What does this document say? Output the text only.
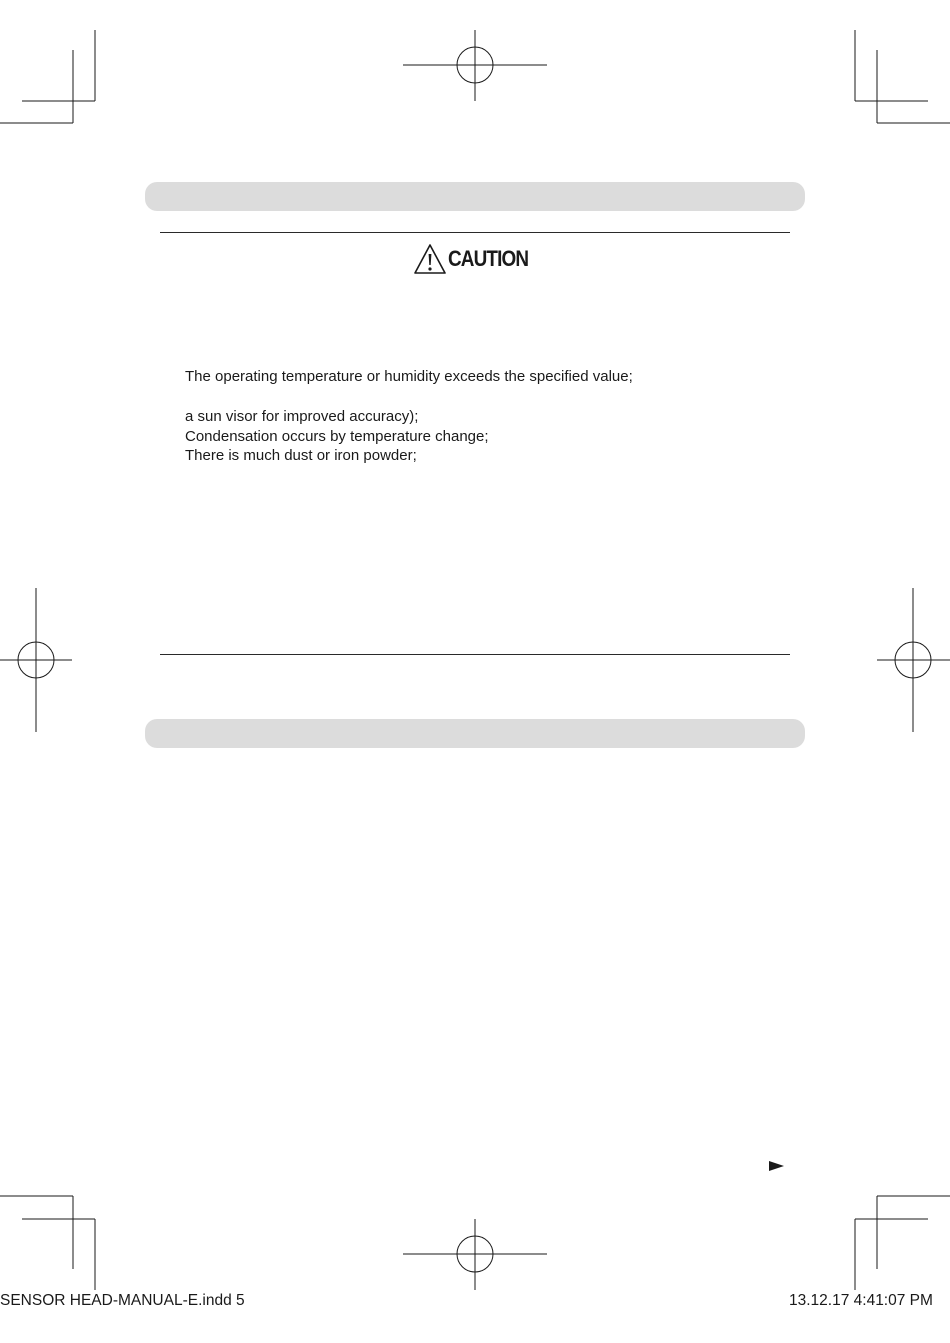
CAUTION
The operating temperature or humidity exceeds the specified value;
a sun visor for improved accuracy);
Condensation occurs by temperature change;
There is much dust or iron powder;
SENSOR HEAD-MANUAL-E.indd 5	13.12.17 4:41:07 PM
